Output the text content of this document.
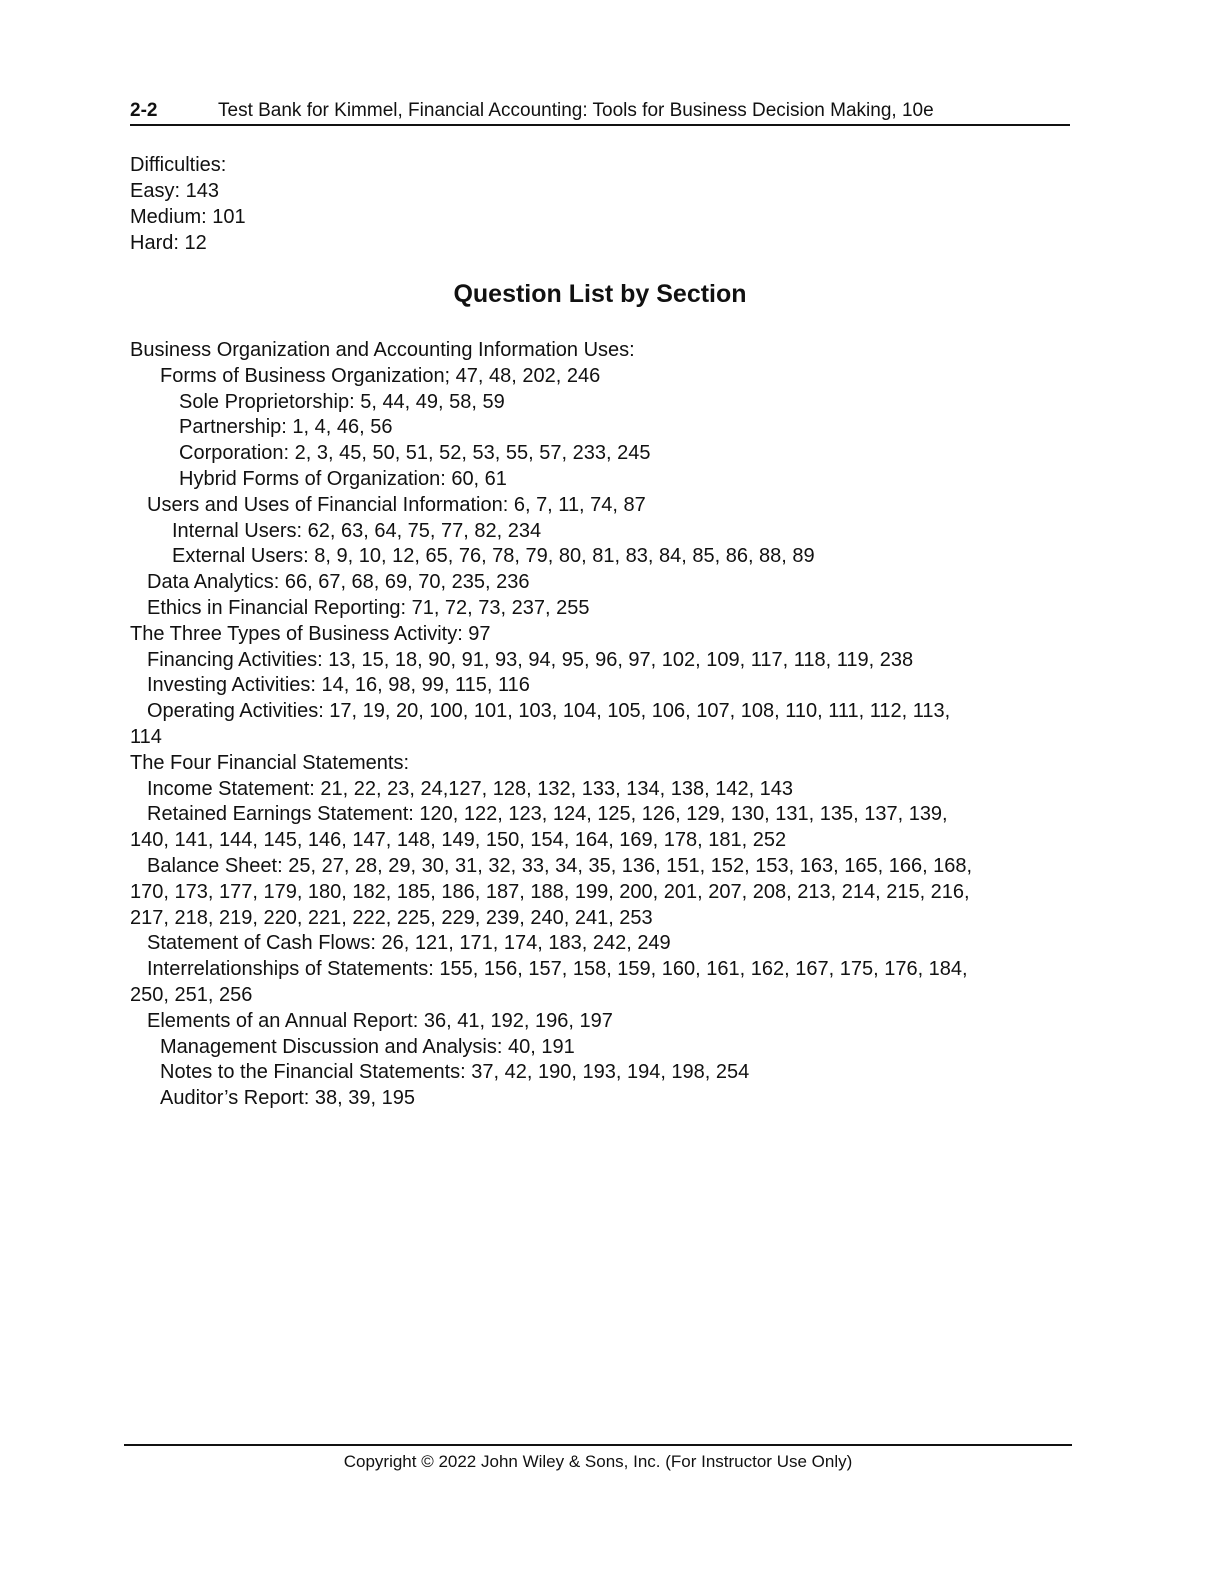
2-2	Test Bank for Kimmel, Financial Accounting: Tools for Business Decision Making, 10e
Difficulties:
Easy: 143
Medium: 101
Hard: 12
Question List by Section
Business Organization and Accounting Information Uses:
Forms of Business Organization; 47, 48, 202, 246
Sole Proprietorship: 5, 44, 49, 58, 59
Partnership: 1, 4, 46, 56
Corporation: 2, 3, 45, 50, 51, 52, 53, 55, 57, 233, 245
Hybrid Forms of Organization: 60, 61
Users and Uses of Financial Information: 6, 7, 11, 74, 87
Internal Users: 62, 63, 64, 75, 77, 82, 234
External Users: 8, 9, 10, 12, 65, 76, 78, 79, 80, 81, 83, 84, 85, 86, 88, 89
Data Analytics: 66, 67, 68, 69, 70, 235, 236
Ethics in Financial Reporting: 71, 72, 73, 237, 255
The Three Types of Business Activity: 97
Financing Activities: 13, 15, 18, 90, 91, 93, 94, 95, 96, 97, 102, 109, 117, 118, 119, 238
Investing Activities: 14, 16, 98, 99, 115, 116
Operating Activities: 17, 19, 20, 100, 101, 103, 104, 105, 106, 107, 108, 110, 111, 112, 113,
114
The Four Financial Statements:
Income Statement: 21, 22, 23, 24,127, 128, 132, 133, 134, 138, 142, 143
Retained Earnings Statement: 120, 122, 123, 124, 125, 126, 129, 130, 131, 135, 137, 139,
140, 141, 144, 145, 146, 147, 148, 149, 150, 154, 164, 169, 178, 181, 252
Balance Sheet: 25, 27, 28, 29, 30, 31, 32, 33, 34, 35, 136, 151, 152, 153, 163, 165, 166, 168,
170, 173, 177, 179, 180, 182, 185, 186, 187, 188, 199, 200, 201, 207, 208, 213, 214, 215, 216,
217, 218, 219, 220, 221, 222, 225, 229, 239, 240, 241, 253
Statement of Cash Flows: 26, 121, 171, 174, 183, 242, 249
Interrelationships of Statements: 155, 156, 157, 158, 159, 160, 161, 162, 167, 175, 176, 184,
250, 251, 256
Elements of an Annual Report: 36, 41, 192, 196, 197
Management Discussion and Analysis: 40, 191
Notes to the Financial Statements: 37, 42, 190, 193, 194, 198, 254
Auditor’s Report: 38, 39, 195
Copyright © 2022 John Wiley & Sons, Inc. (For Instructor Use Only)
